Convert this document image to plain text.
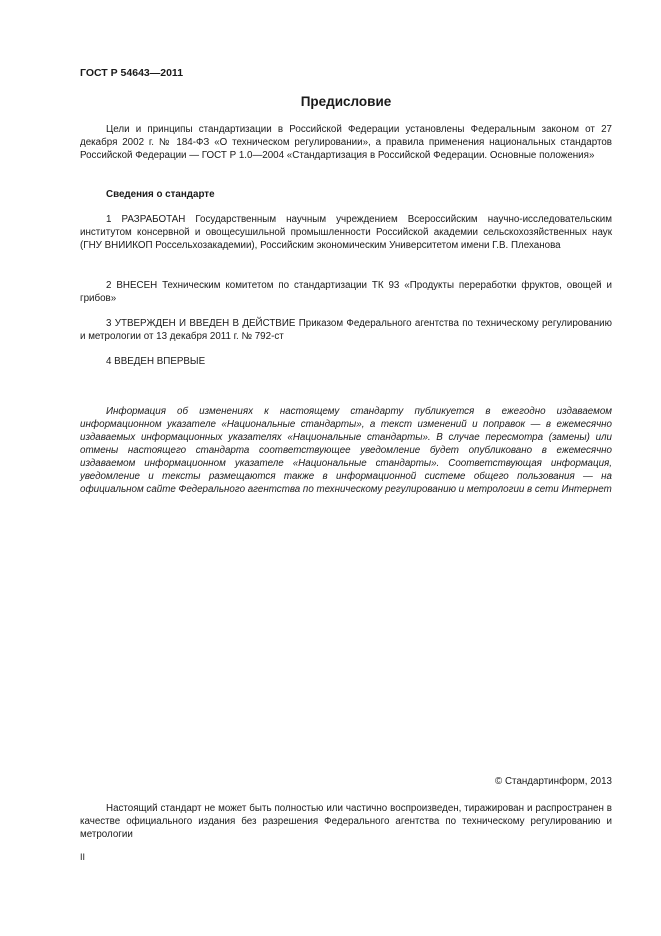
ГОСТ Р 54643—2011
Предисловие

Цели и принципы стандартизации в Российской Федерации установлены Федеральным законом от 27 декабря 2002 г. № 184-ФЗ «О техническом регулировании», а правила применения национальных стандартов Российской Федерации — ГОСТ Р 1.0—2004 «Стандартизация в Российской Федерации. Основные положения»

Сведения о стандарте

1 РАЗРАБОТАН Государственным научным учреждением Всероссийским научно-исследовательским институтом консервной и овощесушильной промышленности Российской академии сельскохозяйственных наук (ГНУ ВНИИКОП Россельхозакадемии), Российским экономическим Университетом имени Г.В. Плеханова

2 ВНЕСЕН Техническим комитетом по стандартизации ТК 93 «Продукты переработки фруктов, овощей и грибов»

3 УТВЕРЖДЕН И ВВЕДЕН В ДЕЙСТВИЕ Приказом Федерального агентства по техническому регулированию и метрологии от 13 декабря 2011 г. № 792-ст

4 ВВЕДЕН ВПЕРВЫЕ

Информация об изменениях к настоящему стандарту публикуется в ежегодно издаваемом информационном указателе «Национальные стандарты», а текст изменений и поправок — в ежемесячно издаваемых информационных указателях «Национальные стандарты». В случае пересмотра (замены) или отмены настоящего стандарта соответствующее уведомление будет опубликовано в ежемесячно издаваемом информационном указателе «Национальные стандарты». Соответствующая информация, уведомление и тексты размещаются также в информационной системе общего пользования — на официальном сайте Федерального агентства по техническому регулированию и метрологии в сети Интернет

© Стандартинформ, 2013

Настоящий стандарт не может быть полностью или частично воспроизведен, тиражирован и распространен в качестве официального издания без разрешения Федерального агентства по техническому регулированию и метрологии

II
